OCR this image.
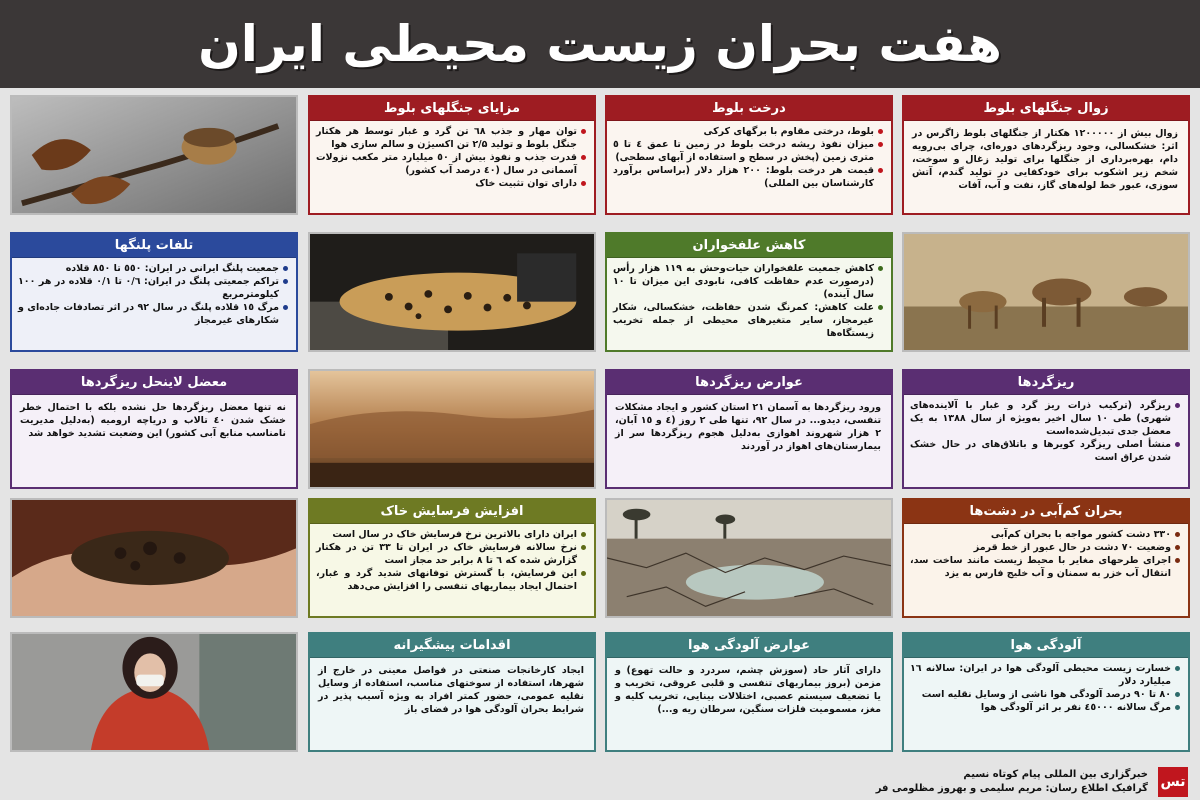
هفت بحران زیست محیطی ایران
مزایای جنگلهای بلوط
توان مهار و جذب ٦٨ تن گرد و غبار توسط هر هکتار جنگل بلوط و تولید ۲/۵ تن اکسیژن و سالم سازی هوا
قدرت جذب و نفوذ بیش از ٥۰ میلیارد متر مکعب نزولات آسمانی در سال (٤۰ درصد آب کشور)
دارای توان تثبیت خاک
درخت بلوط
بلوط، درختی مقاوم با برگهای کرکی
میزان نفوذ ریشه درخت بلوط در زمین تا عمق ٤ تا ٥ متری زمین (پخش در سطح و استفاده از آبهای سطحی)
قیمت هر درخت بلوط: ۲۰۰ هزار دلار (براساس برآورد کارشناسان بین المللی)
زوال جنگلهای بلوط

زوال بیش از ۱۲۰۰۰۰۰ هکتار از جنگلهای بلوط زاگرس در اثر: خشکسالی، وجود ریزگردهای دوره‌ای، چرای بی‌رویه دام، بهره‌برداری از جنگلها برای تولید زغال و سوخت، شخم زیر اشکوب برای خودکفایی در تولید گندم، آتش سوزی، عبور خط لوله‌های گاز، نفت و آب، آفات

تلفات پلنگها
جمعیت پلنگ ایرانی در ایران: ٥٥۰ تا ۸٥۰ قلاده
تراکم جمعیتی پلنگ در ایران: ۰/٦ تا ۰/۱ قلاده در هر ۱۰۰ کیلومترمربع
مرگ ۱٥ قلاده پلنگ در سال ۹۲ در اثر تصادفات جاده‌ای و شکارهای غیرمجاز
کاهش علفخواران
کاهش جمعیت علفخواران حیات‌وحش به ۱۱۹ هزار رأس (درصورت عدم حفاظت کافی، نابودی این میزان تا ۱۰ سال آینده)
علت کاهش: کمرنگ شدن حفاظت، خشکسالی، شکار غیرمجاز، سایر متغیرهای محیطی از جمله تخریب زیستگاه‌ها
معضل لاینحل ریزگردها

نه تنها معضل ریزگردها حل نشده بلکه با احتمال خطر خشک شدن ٤۰ تالاب و دریاچه ارومیه (به‌دلیل مدیریت نامناسب منابع آبی کشور) این وضعیت تشدید خواهد شد

عوارض ریزگردها

ورود ریزگردها به آسمان ۲۱ استان کشور و ایجاد مشکلات تنفسی، دیدو... در سال ۹۲، تنها طی ۲ روز (٤ و ۱٥ آبان، ۲ هزار شهروند اهوازی به‌دلیل هجوم ریزگردها سر از بیمارستان‌های اهواز در آوردند

ریزگردها
ریزگرد (ترکیب ذرات ریز گرد و غبار با آلاینده‌های شهری) طی ۱۰ سال اخیر به‌ویژه از سال ۱۳۸۸ به یک معضل جدی تبدیل‌شده‌است
منشأ اصلی ریزگرد کویرها و باتلاق‌های در حال خشک شدن عراق است
افزایش فرسایش خاک
ایران دارای بالاترین نرخ فرسایش خاک در سال است
نرخ سالانه فرسایش خاک در ایران تا ۳۳ تن در هکتار گزارش شده که ٦ تا ۸ برابر حد مجاز است
این فرسایش، با گسترش توفانهای شدید گرد و غبار، احتمال ایجاد بیماریهای تنفسی را افزایش می‌دهد
بحران کم‌آبی در دشت‌ها
۳۳۰ دشت کشور مواجه با بحران کم‌آبی
وضعیت ۷۰ دشت در حال عبور از خط قرمز
اجرای طرحهای مغایر با محیط زیست مانند ساخت سد، انتقال آب خزر به سمنان و آب خلیج فارس به یزد
اقدامات پیشگیرانه

ایجاد کارخانجات صنعتی در فواصل معینی در خارج از شهرها، استفاده از سوختهای مناسب، استفاده از وسایل نقلیه عمومی، حضور کمتر افراد به ویژه آسیب پذیر در شرایط بحران آلودگی هوا در فضای باز

عوارض آلودگی هوا

دارای آثار حاد (سوزش چشم، سردرد و حالت تهوع) و مزمن (بروز بیماریهای تنفسی و قلبی عروقی، تخریب و یا تضعیف سیستم عصبی، اختلالات بینایی، تخریب کلیه و مغز، مسمومیت فلزات سنگین، سرطان ریه و...)

آلودگی هوا
خسارت زیست محیطی آلودگی هوا در ایران: سالانه ۱٦ میلیارد دلار
۸۰ تا ۹۰ درصد آلودگی هوا ناشی از وسایل نقلیه است
مرگ سالانه ٤٥۰۰۰ نفر بر اثر آلودگی هوا
تس
خبرگزاری بین المللی پیام کوتاه نسیم
گرافیک اطلاع رسان: مریم سلیمی و بهروز مظلومی فر
